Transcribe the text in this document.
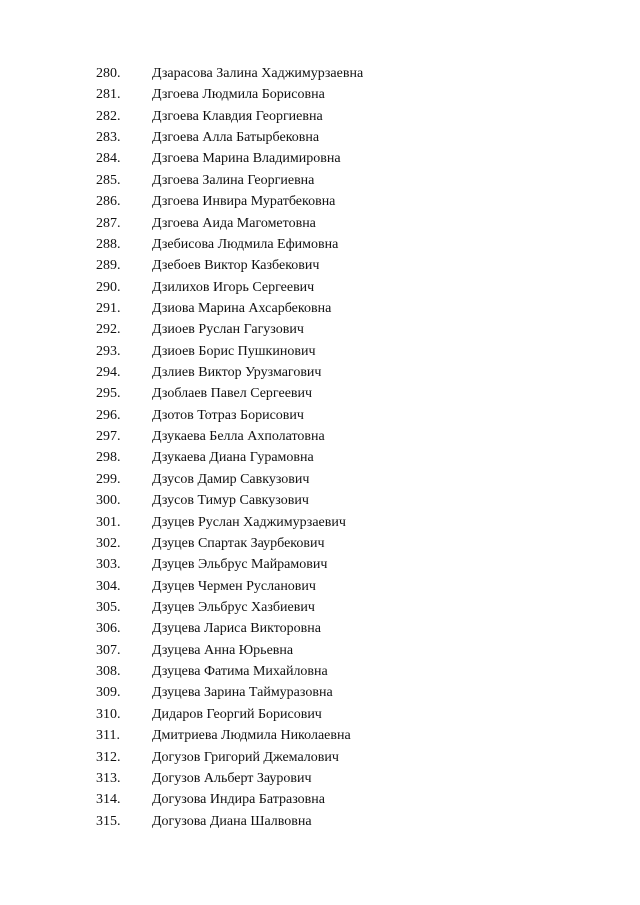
280. Дзарасова Залина Хаджимурзаевна
281. Дзгоева Людмила Борисовна
282. Дзгоева Клавдия Георгиевна
283. Дзгоева Алла Батырбековна
284. Дзгоева Марина Владимировна
285. Дзгоева Залина Георгиевна
286. Дзгоева Инвира Муратбековна
287. Дзгоева Аида Магометовна
288. Дзебисова Людмила Ефимовна
289. Дзебоев Виктор Казбекович
290. Дзилихов Игорь Сергеевич
291. Дзиова Марина Ахсарбековна
292. Дзиоев Руслан Гагузович
293. Дзиоев Борис Пушкинович
294. Дзлиев Виктор Урузмагович
295. Дзоблаев Павел Сергеевич
296. Дзотов Тотраз Борисович
297. Дзукаева Белла Ахполатовна
298. Дзукаева Диана Гурамовна
299. Дзусов Дамир Савкузович
300. Дзусов Тимур Савкузович
301. Дзуцев Руслан Хаджимурзаевич
302. Дзуцев Спартак Заурбекович
303. Дзуцев Эльбрус Майрамович
304. Дзуцев Чермен Русланович
305. Дзуцев Эльбрус Хазбиевич
306. Дзуцева Лариса Викторовна
307. Дзуцева Анна Юрьевна
308. Дзуцева Фатима Михайловна
309. Дзуцева Зарина Таймуразовна
310. Дидаров Георгий Борисович
311. Дмитриева Людмила Николаевна
312. Догузов Григорий Джемалович
313. Догузов Альберт Заурович
314. Догузова Индира Батразовна
315. Догузова Диана Шалвовна
